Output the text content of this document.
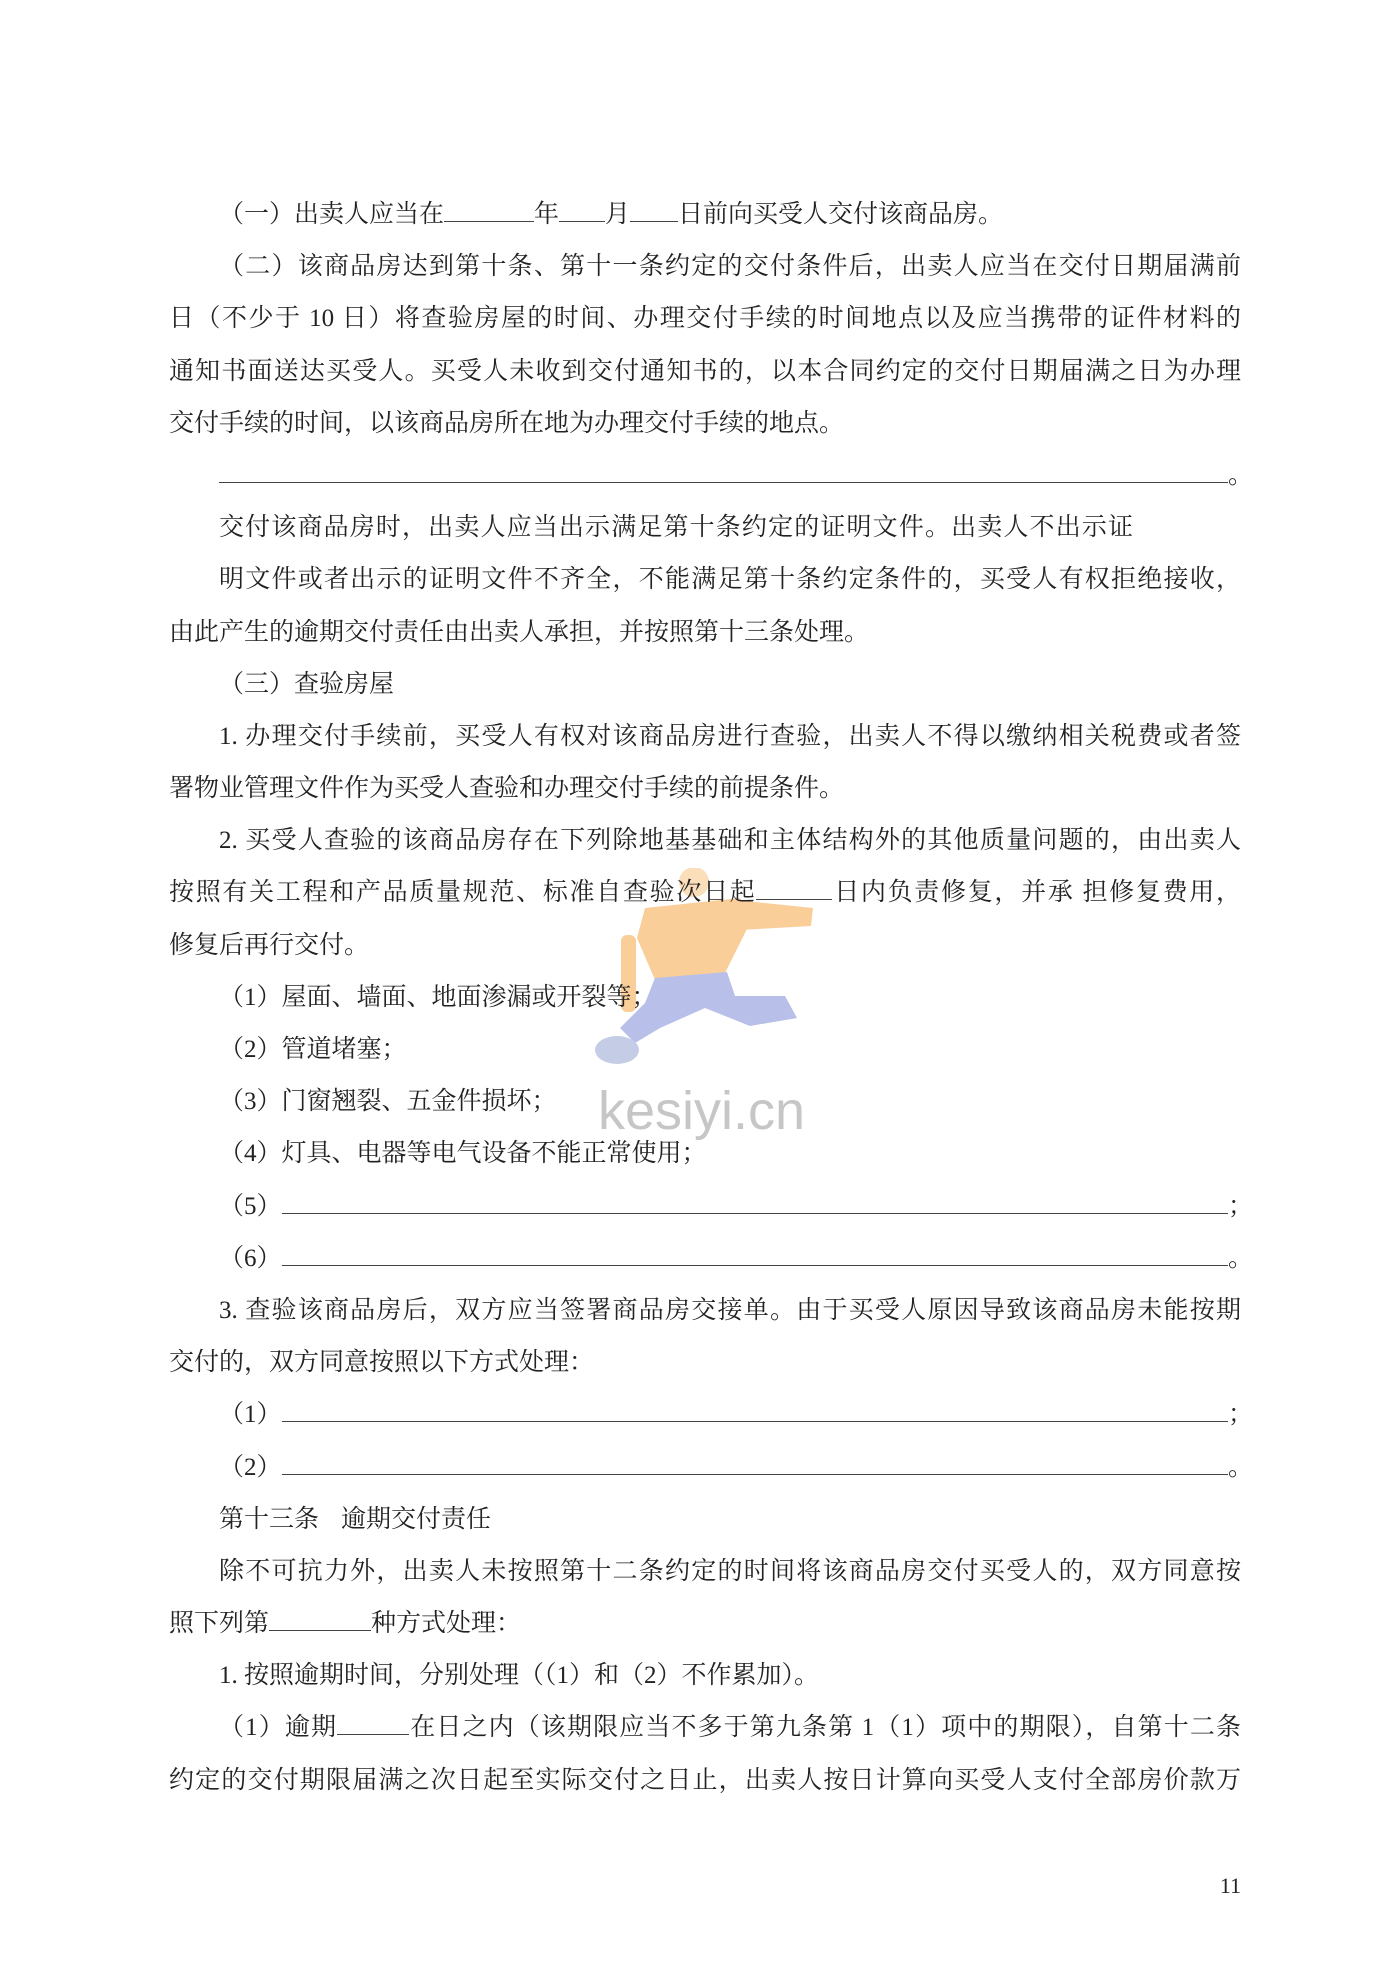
kesiyi.cn
（一）出卖人应当在	年 月 日前向买受人交付该商品房。
（二）该商品房达到第十条、第十一条约定的交付条件后，出卖人应当在交付日期届满前
日（不少于 10 日）将查验房屋的时间、办理交付手续的时间地点以及应当携带的证件材料的
通知书面送达买受人。买受人未收到交付通知书的，以本合同约定的交付日期届满之日为办理
交付手续的时间，以该商品房所在地为办理交付手续的地点。
。
交付该商品房时，出卖人应当出示满足第十条约定的证明文件。出卖人不出示证
明文件或者出示的证明文件不齐全，不能满足第十条约定条件的，买受人有权拒绝接收，
由此产生的逾期交付责任由出卖人承担，并按照第十三条处理。
（三）查验房屋
1. 办理交付手续前，买受人有权对该商品房进行查验，出卖人不得以缴纳相关税费或者签
署物业管理文件作为买受人查验和办理交付手续的前提条件。
2. 买受人查验的该商品房存在下列除地基基础和主体结构外的其他质量问题的，由出卖人
按照有关工程和产品质量规范、标准自查验次日起	日内负责修复，并承 担修复费用，
修复后再行交付。
（1）屋面、墙面、地面渗漏或开裂等；
（2）管道堵塞；
（3）门窗翘裂、五金件损坏；
（4）灯具、电器等电气设备不能正常使用；
（5）	；
（6）	。
3. 查验该商品房后，双方应当签署商品房交接单。由于买受人原因导致该商品房未能按期
交付的，双方同意按照以下方式处理：
（1）	；
（2）	。
第十三条 逾期交付责任
除不可抗力外，出卖人未按照第十二条约定的时间将该商品房交付买受人的，双方同意按
照下列第	种方式处理：
1. 按照逾期时间，分别处理（（1）和（2）不作累加）。
（1）逾期	在日之内（该期限应当不多于第九条第 1（1）项中的期限），自第十二条
约定的交付期限届满之次日起至实际交付之日止，出卖人按日计算向买受人支付全部房价款万
11
